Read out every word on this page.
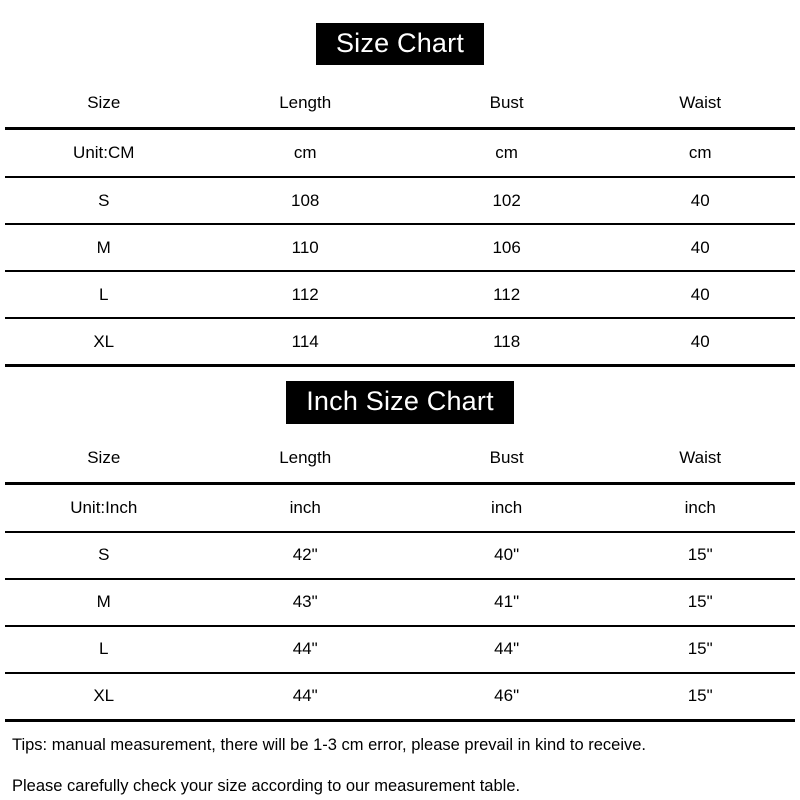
Size Chart
Size	Length	Bust	Waist
Unit:CM	cm	cm	cm
S	108	102	40
M	110	106	40
L	112	112	40
XL	114	118	40
Inch Size Chart
Size	Length	Bust	Waist
Unit:Inch	inch	inch	inch
S	42"	40"	15"
M	43"	41"	15"
L	44"	44"	15"
XL	44"	46"	15"
Tips: manual measurement, there will be 1-3 cm error, please prevail in kind to receive.
Please carefully check your size according to our measurement table.
